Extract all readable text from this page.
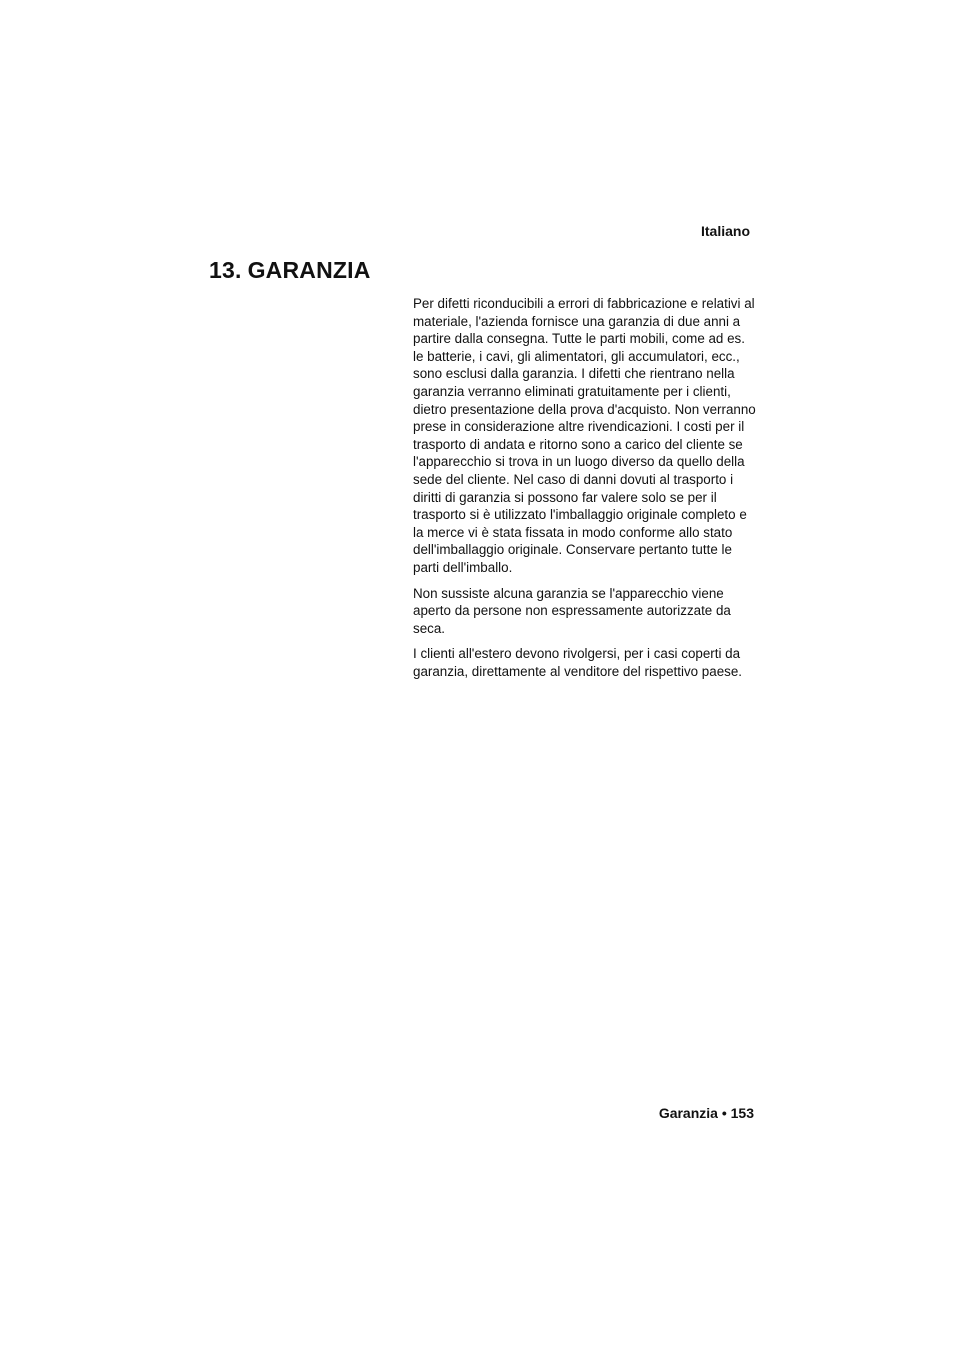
Italiano

13. GARANZIA

Per difetti riconducibili a errori di fabbricazione e relativi al materiale, l'azienda fornisce una garanzia di due anni a partire dalla consegna. Tutte le parti mobili, come ad es. le batterie, i cavi, gli alimentatori, gli accumulatori, ecc., sono esclusi dalla garanzia. I difetti che rientrano nella garanzia verranno eliminati gratuitamente per i clienti, dietro presentazione della prova d'acquisto. Non verranno prese in considerazione altre rivendicazioni. I costi per il trasporto di andata e ritorno sono a carico del cliente se l'apparecchio si trova in un luogo diverso da quello della sede del cliente. Nel caso di danni dovuti al trasporto i diritti di garanzia si possono far valere solo se per il trasporto si è utilizzato l'imballaggio originale completo e la merce vi è stata fissata in modo conforme allo stato dell'imballaggio originale. Conservare pertanto tutte le parti dell'imballo.

Non sussiste alcuna garanzia se l'apparecchio viene aperto da persone non espressamente autorizzate da seca.

I clienti all'estero devono rivolgersi, per i casi coperti da garanzia, direttamente al venditore del rispettivo paese.

Garanzia • 153
